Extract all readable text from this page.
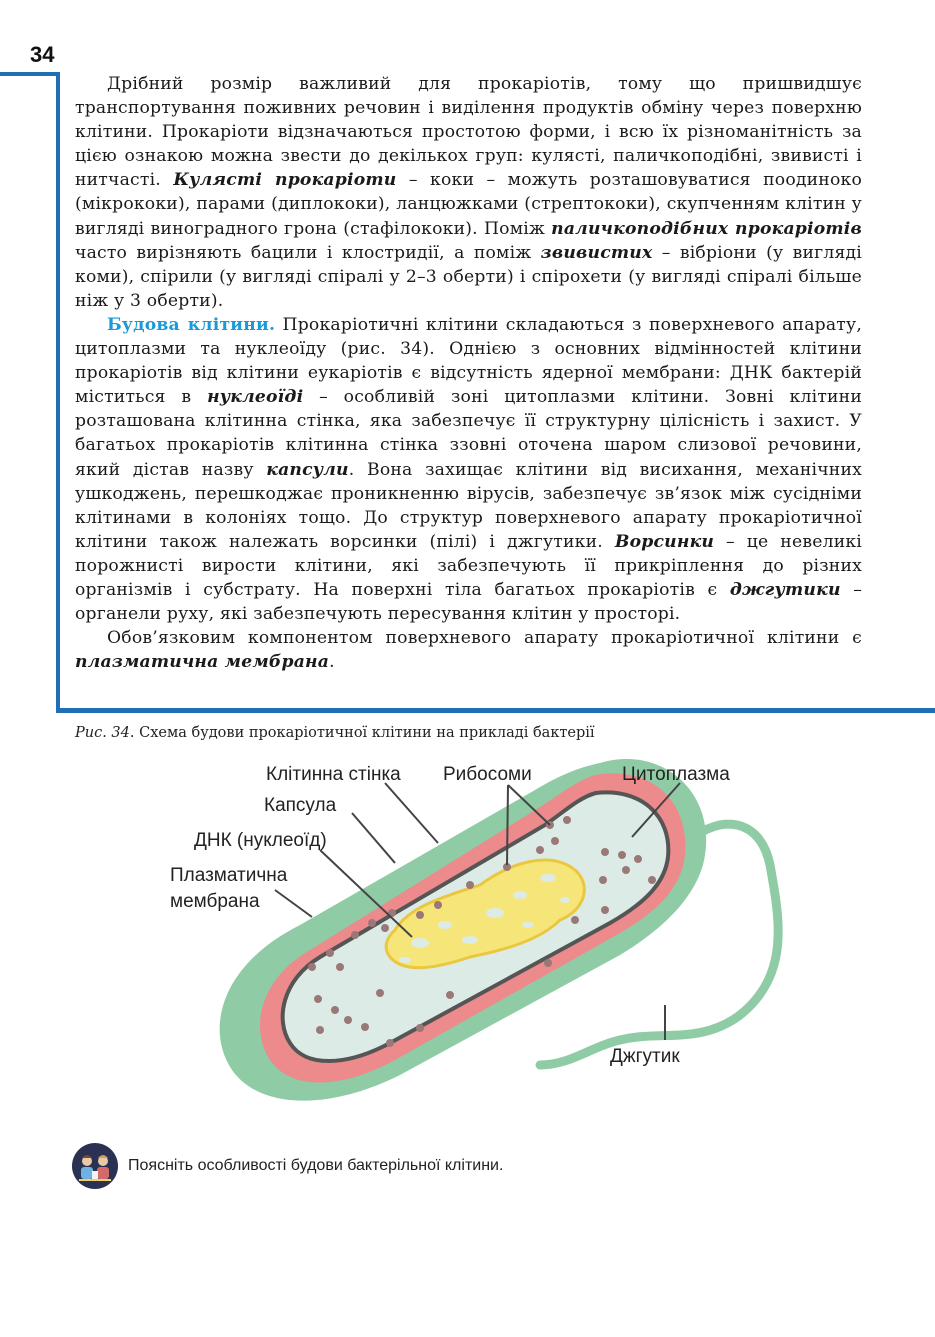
34

Дрібний розмір важливий для прокаріотів, тому що пришвидшує транспортування поживних речовин і виділення продуктів обміну через поверхню клітини. Прокаріоти відзначаються простотою форми, і всю їх різноманітність за цією ознакою можна звести до декількох груп: кулясті, паличкоподібні, звивисті і нитчасті. Кулясті прокаріоти – коки – можуть розташовуватися поодиноко (мікрококи), парами (диплококи), ланцюжками (стрептококи), скупченням клітин у вигляді виноградного грона (стафілококи). Поміж паличкоподібних прокаріотів часто вирізняють бацили і клостридії, а поміж звивистих – вібріони (у вигляді коми), спірили (у вигляді спіралі у 2–3 оберти) і спірохети (у вигляді спіралі більше ніж у 3 оберти).

Будова клітини. Прокаріотичні клітини складаються з поверхневого апарату, цитоплазми та нуклеоїду (рис. 34). Однією з основних відмінностей клітини прокаріотів від клітини еукаріотів є відсутність ядерної мембрани: ДНК бактерій міститься в нуклеоїді – особливій зоні цитоплазми клітини. Зовні клітини розташована клітинна стінка, яка забезпечує її структурну цілісність і захист. У багатьох прокаріотів клітинна стінка ззовні оточена шаром слизової речовини, який дістав назву капсули. Вона захищає клітини від висихання, механічних ушкоджень, перешкоджає проникненню вірусів, забезпечує зв’язок між сусідніми клітинами в колоніях тощо. До структур поверхневого апарату прокаріотичної клітини також належать ворсинки (пілі) і джгутики. Ворсинки – це невеликі порожнисті вирости клітини, які забезпечують її прикріплення до різних організмів і субстрату. На поверхні тіла багатьох прокаріотів є джгутики – органели руху, які забезпечують пересування клітин у просторі.

Обов’язковим компонентом поверхневого апарату прокаріотичної клітини є плазматична мембрана.

Рис. 34. Схема будови прокаріотичної клітини на прикладі бактерії
Клітинна стінка Рибосоми	Цитоплазма
Капсула
ДНК (нуклеоїд)
Плазматична
мембрана
Джгутик
Поясніть особливості будови бактерільної клітини.
